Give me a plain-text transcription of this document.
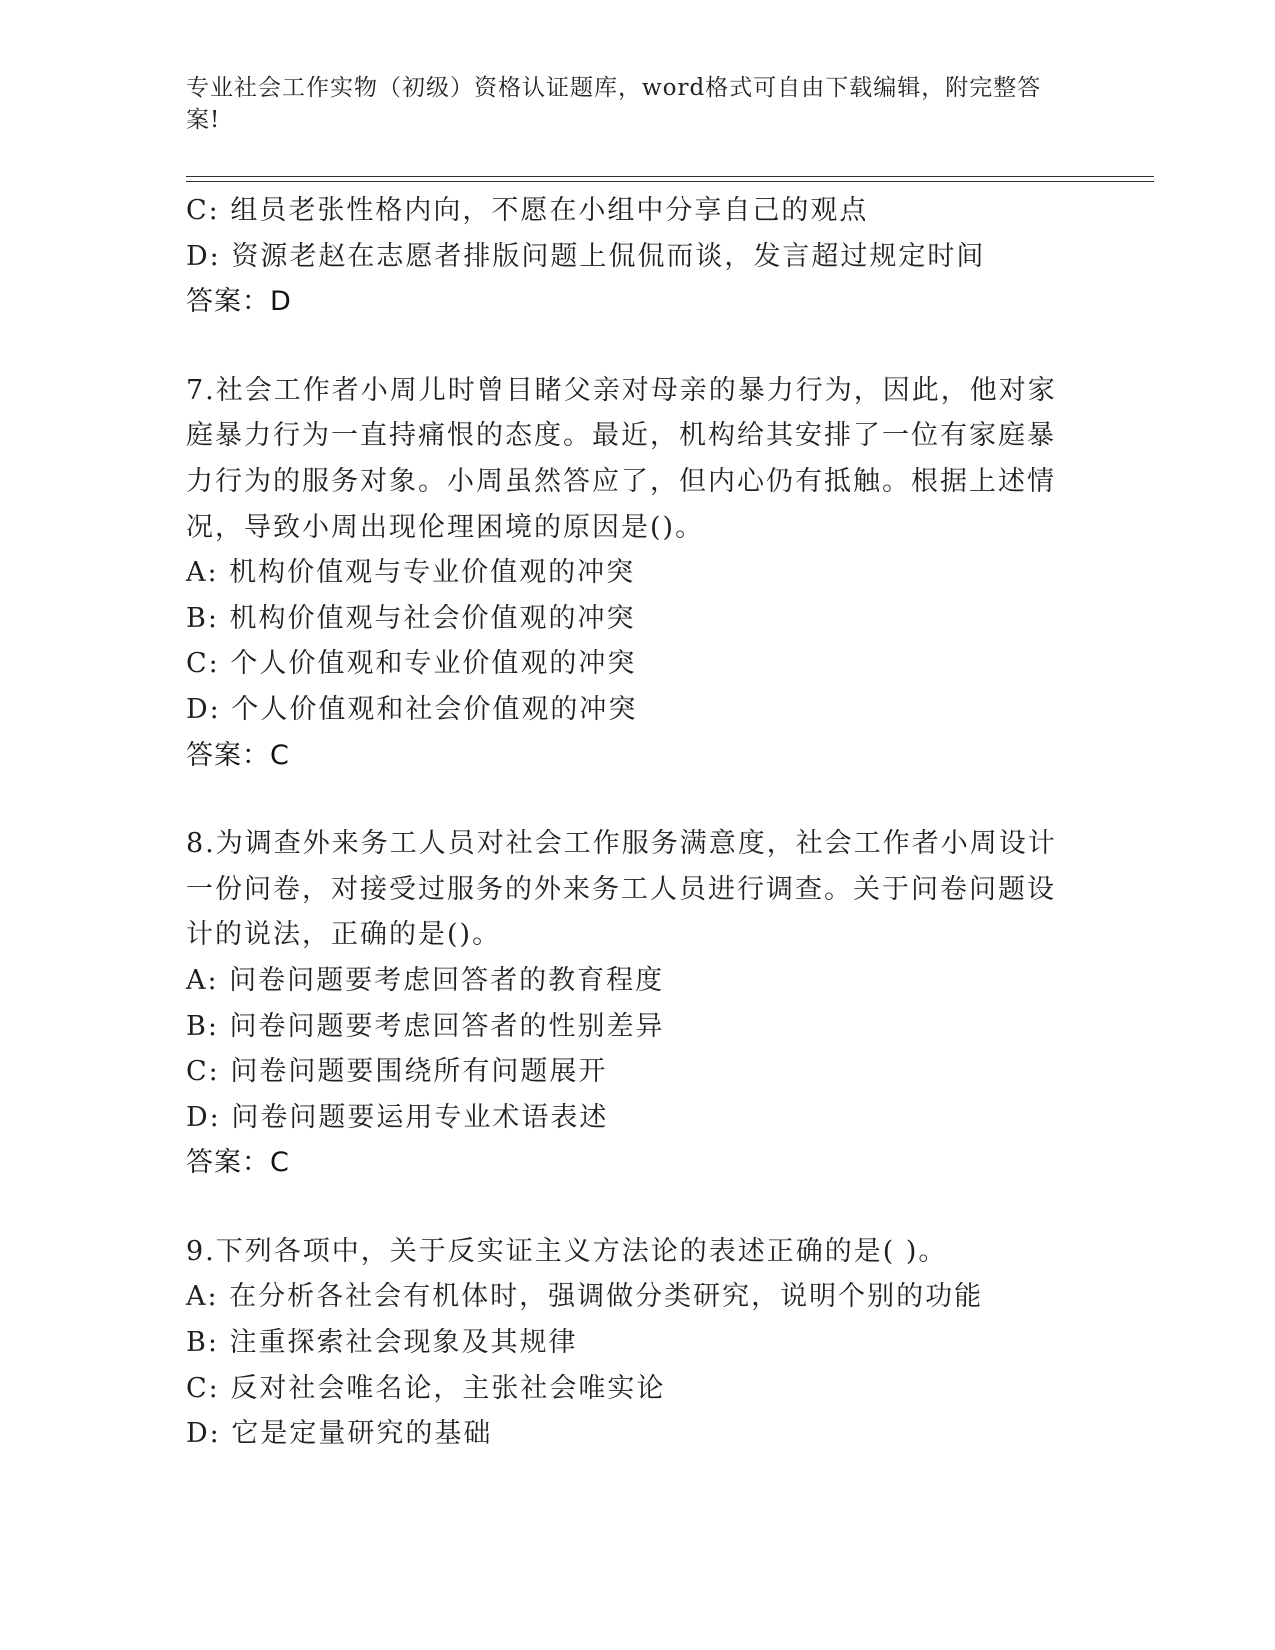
专业社会工作实物（初级）资格认证题库，word格式可自由下载编辑，附完整答
案!
C: 组员老张性格内向，不愿在小组中分享自己的观点
D: 资源老赵在志愿者排版问题上侃侃而谈，发言超过规定时间
答案：D
7.社会工作者小周儿时曾目睹父亲对母亲的暴力行为，因此，他对家
庭暴力行为一直持痛恨的态度。最近，机构给其安排了一位有家庭暴
力行为的服务对象。小周虽然答应了，但内心仍有抵触。根据上述情
况，导致小周出现伦理困境的原因是()。
A: 机构价值观与专业价值观的冲突
B: 机构价值观与社会价值观的冲突
C: 个人价值观和专业价值观的冲突
D: 个人价值观和社会价值观的冲突
答案：C
8.为调查外来务工人员对社会工作服务满意度，社会工作者小周设计
一份问卷，对接受过服务的外来务工人员进行调查。关于问卷问题设
计的说法，正确的是()。
A: 问卷问题要考虑回答者的教育程度
B: 问卷问题要考虑回答者的性别差异
C: 问卷问题要围绕所有问题展开
D: 问卷问题要运用专业术语表述
答案：C
9.下列各项中，关于反实证主义方法论的表述正确的是( )。
A: 在分析各社会有机体时，强调做分类研究，说明个别的功能
B: 注重探索社会现象及其规律
C: 反对社会唯名论，主张社会唯实论
D: 它是定量研究的基础
